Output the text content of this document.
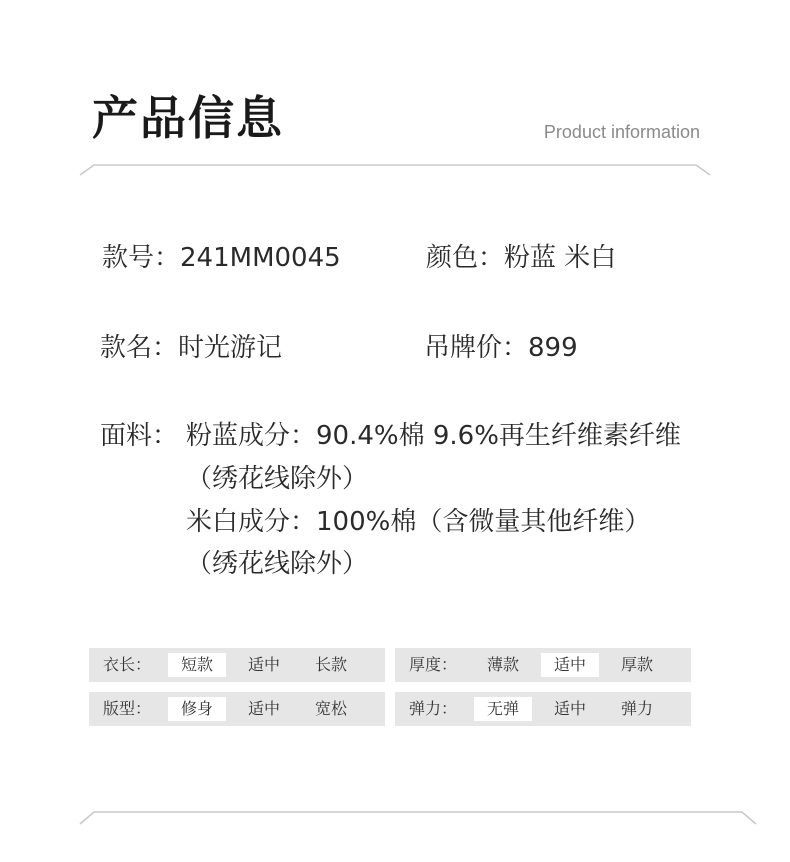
产品信息	Product information
款号：241MM0045	颜色：粉蓝 米白
款名：时光游记	吊牌价：899
面料： 粉蓝成分：90.4%棉 9.6%再生纤维素纤维
（绣花线除外）
米白成分：100%棉（含微量其他纤维）
（绣花线除外）
衣长：	短款	适中	长款	厚度：	薄款	适中	厚款
版型：	修身	适中	宽松	弹力：	无弹	适中	弹力
